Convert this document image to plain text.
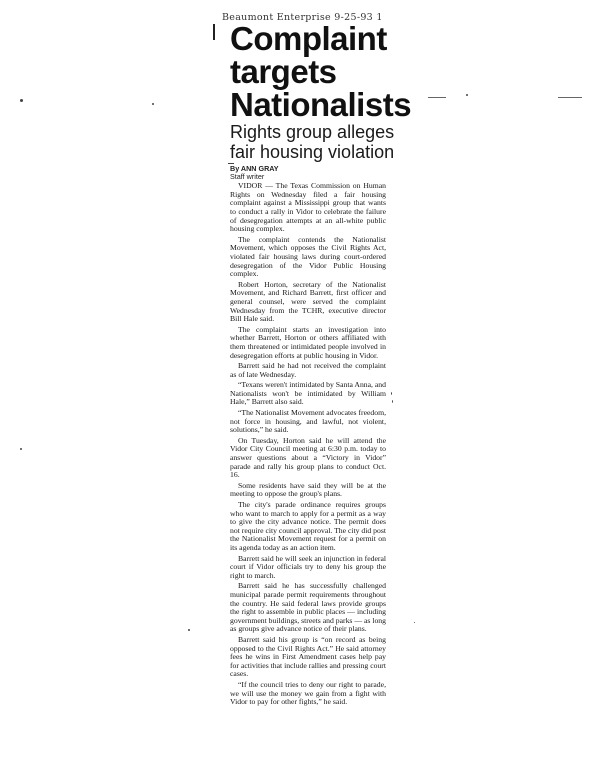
Beaumont Enterprise 9-25-93 1
Complaint
targets
Nationalists
Rights group alleges
fair housing violation
By ANN GRAY
Staff writer

VIDOR — The Texas Commission on Human Rights on Wednesday filed a fair housing complaint against a Mississippi group that wants to conduct a rally in Vidor to celebrate the failure of desegregation attempts at an all-white public housing complex.

The complaint contends the Nationalist Movement, which opposes the Civil Rights Act, violated fair housing laws during court-ordered desegregation of the Vidor Public Housing complex.

Robert Horton, secretary of the Nationalist Movement, and Richard Barrett, first officer and general counsel, were served the complaint Wednesday from the TCHR, executive director Bill Hale said.

The complaint starts an investigation into whether Barrett, Horton or others affiliated with them threatened or intimidated people involved in desegregation efforts at public housing in Vidor.

Barrett said he had not received the complaint as of late Wednesday.

“Texans weren't intimidated by Santa Anna, and Nationalists won't be intimidated by William Hale,” Barrett also said.

“The Nationalist Movement advocates freedom, not force in housing, and lawful, not violent, solutions,” he said.

On Tuesday, Horton said he will attend the Vidor City Council meeting at 6:30 p.m. today to answer questions about a “Victory in Vidor” parade and rally his group plans to conduct Oct. 16.

Some residents have said they will be at the meeting to oppose the group's plans.

The city's parade ordinance requires groups who want to march to apply for a permit as a way to give the city advance notice. The permit does not require city council approval. The city did post the Nationalist Movement request for a permit on its agenda today as an action item.

Barrett said he will seek an injunction in federal court if Vidor officials try to deny his group the right to march.

Barrett said he has successfully challenged municipal parade permit requirements throughout the country. He said federal laws provide groups the right to assemble in public places — including government buildings, streets and parks — as long as groups give advance notice of their plans.

Barrett said his group is “on record as being opposed to the Civil Rights Act.” He said attorney fees he wins in First Amendment cases help pay for activities that include rallies and pressing court cases.

“If the council tries to deny our right to parade, we will use the money we gain from a fight with Vidor to pay for other fights,” he said.
